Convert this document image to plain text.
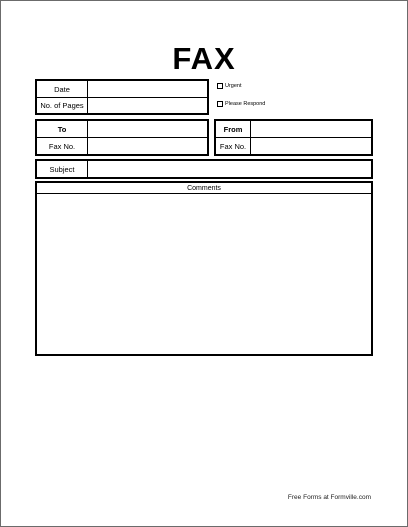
FAX
Date
No. of Pages
Urgent
Please Respond
To
Fax No.
From
Fax No.
Subject
Comments
Free Forms at Formville.com
